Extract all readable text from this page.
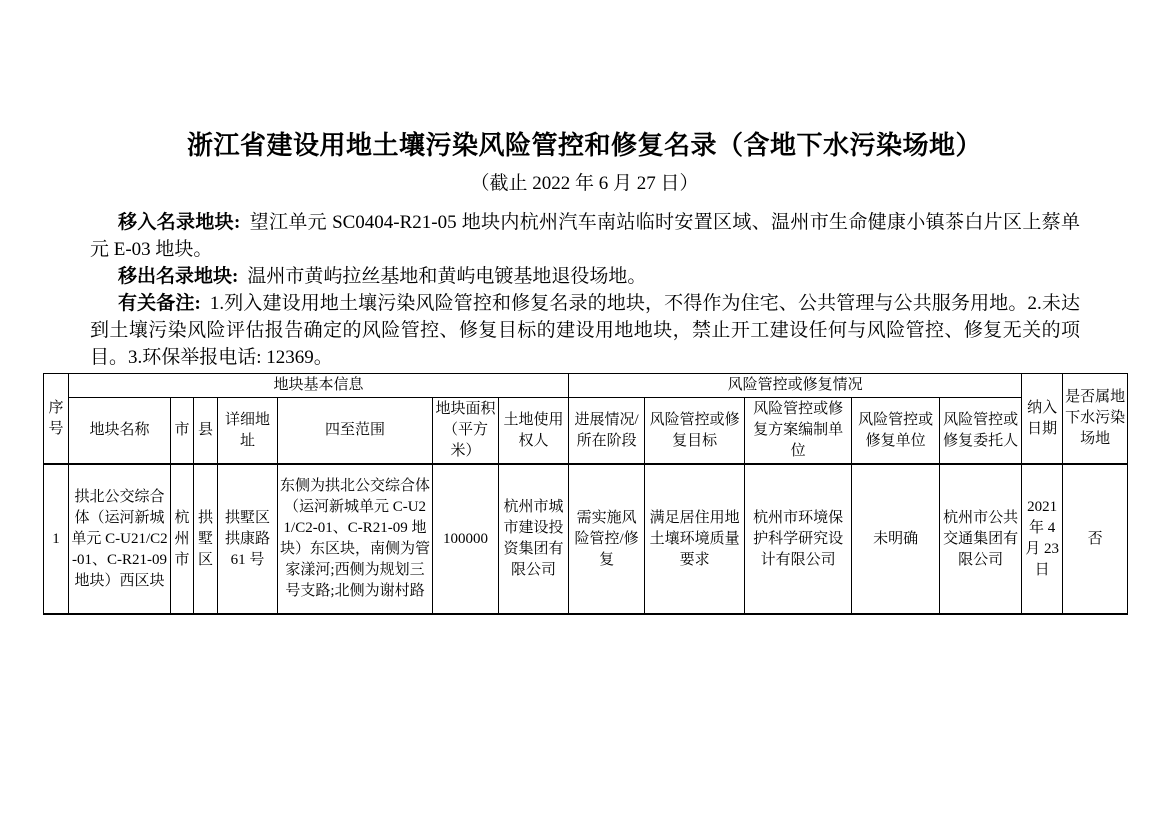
浙江省建设用地土壤污染风险管控和修复名录（含地下水污染场地）
（截止 2022 年 6 月 27 日）

移入名录地块: 望江单元 SC0404-R21-05 地块内杭州汽车南站临时安置区域、温州市生命健康小镇茶白片区上蔡单元 E-03 地块。

移出名录地块: 温州市黄屿拉丝基地和黄屿电镀基地退役场地。

有关备注: 1.列入建设用地土壤污染风险管控和修复名录的地块，不得作为住宅、公共管理与公共服务用地。2.未达到土壤污染风险评估报告确定的风险管控、修复目标的建设用地地块，禁止开工建设任何与风险管控、修复无关的项目。3.环保举报电话: 12369。

序号	地块基本信息							风险管控或修复情况					纳入日期	是否属地下水污染场地
	地块名称	市	县	详细地址	四至范围	地块面积（平方米）	土地使用权人	进展情况/所在阶段	风险管控或修复目标	风险管控或修复方案编制单位	风险管控或修复单位	风险管控或修复委托人		
1	拱北公交综合体（运河新城单元 C-U21/C2-01、C-R21-09 地块）西区块	杭州市	拱墅区	拱墅区拱康路 61 号	东侧为拱北公交综合体（运河新城单元 C-U21/C2-01、C-R21-09 地块）东区块，南侧为管家漾河;西侧为规划三号支路;北侧为谢村路	100000	杭州市城市建设投资集团有限公司	需实施风险管控/修复	满足居住用地土壤环境质量要求	杭州市环境保护科学研究设计有限公司	未明确	杭州市公共交通集团有限公司	2021 年 4 月 23 日	否
